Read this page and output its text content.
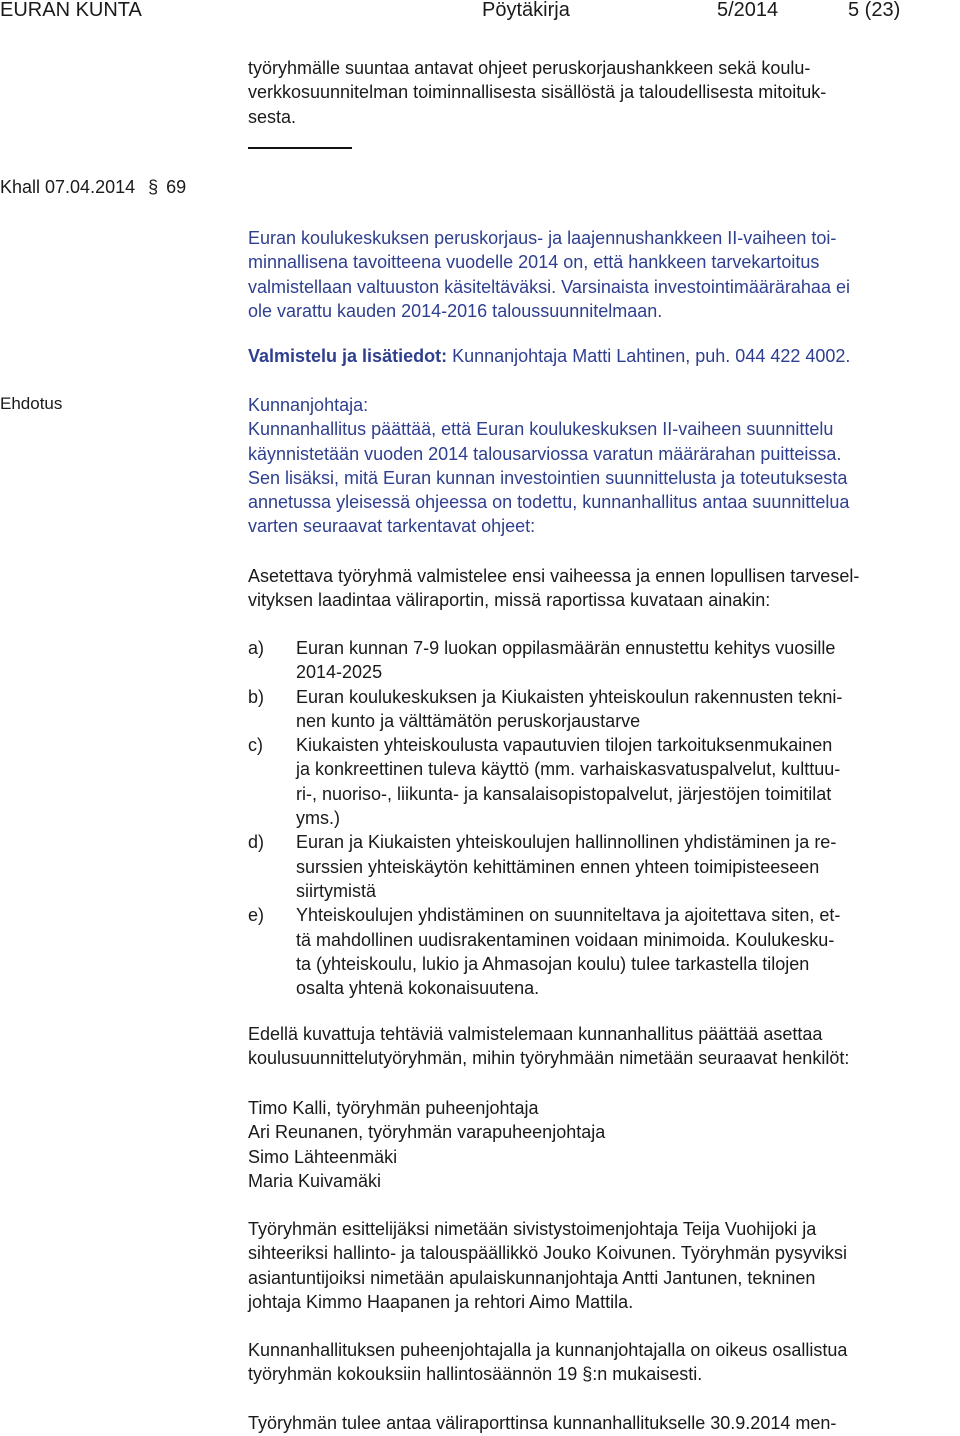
EURAN KUNTA	Pöytäkirja	5/2014	5 (23)
työryhmälle suuntaa antavat ohjeet peruskorjaushankkeen sekä koulu-
verkkosuunnitelman toiminnallisesta sisällöstä ja taloudellisesta mitoituk-
sesta.
Khall 07.04.2014 § 69
Euran koulukeskuksen peruskorjaus- ja laajennushankkeen II-vaiheen toi-
minnallisena tavoitteena vuodelle 2014 on, että hankkeen tarvekartoitus
valmistellaan valtuuston käsiteltäväksi. Varsinaista investointimäärärahaa ei
ole varattu kauden 2014-2016 taloussuunnitelmaan.
Valmistelu ja lisätiedot: Kunnanjohtaja Matti Lahtinen, puh. 044 422 4002.
Ehdotus	Kunnanjohtaja:
Kunnanhallitus päättää, että Euran koulukeskuksen II-vaiheen suunnittelu
käynnistetään vuoden 2014 talousarviossa varatun määrärahan puitteissa.
Sen lisäksi, mitä Euran kunnan investointien suunnittelusta ja toteutuksesta
annetussa yleisessä ohjeessa on todettu, kunnanhallitus antaa suunnittelua
varten seuraavat tarkentavat ohjeet:
Asetettava työryhmä valmistelee ensi vaiheessa ja ennen lopullisen tarvesel-
vityksen laadintaa väliraportin, missä raportissa kuvataan ainakin:
a) Euran kunnan 7-9 luokan oppilasmäärän ennustettu kehitys vuosille
2014-2025
b) Euran koulukeskuksen ja Kiukaisten yhteiskoulun rakennusten tekni-
nen kunto ja välttämätön peruskorjaustarve
c) Kiukaisten yhteiskoulusta vapautuvien tilojen tarkoituksenmukainen
ja konkreettinen tuleva käyttö (mm. varhaiskasvatuspalvelut, kulttuu-
ri-, nuoriso-, liikunta- ja kansalaisopistopalvelut, järjestöjen toimitilat
yms.)
d) Euran ja Kiukaisten yhteiskoulujen hallinnollinen yhdistäminen ja re-
surssien yhteiskäytön kehittäminen ennen yhteen toimipisteeseen
siirtymistä
e) Yhteiskoulujen yhdistäminen on suunniteltava ja ajoitettava siten, et-
tä mahdollinen uudisrakentaminen voidaan minimoida. Koulukesku-
ta (yhteiskoulu, lukio ja Ahmasojan koulu) tulee tarkastella tilojen
osalta yhtenä kokonaisuutena.
Edellä kuvattuja tehtäviä valmistelemaan kunnanhallitus päättää asettaa
koulusuunnittelutyöryhmän, mihin työryhmään nimetään seuraavat henkilöt:
Timo Kalli, työryhmän puheenjohtaja
Ari Reunanen, työryhmän varapuheenjohtaja
Simo Lähteenmäki
Maria Kuivamäki
Työryhmän esittelijäksi nimetään sivistystoimenjohtaja Teija Vuohijoki ja
sihteeriksi hallinto- ja talouspäällikkö Jouko Koivunen. Työryhmän pysyviksi
asiantuntijoiksi nimetään apulaiskunnanjohtaja Antti Jantunen, tekninen
johtaja Kimmo Haapanen ja rehtori Aimo Mattila.
Kunnanhallituksen puheenjohtajalla ja kunnanjohtajalla on oikeus osallistua
työryhmän kokouksiin hallintosäännön 19 §:n mukaisesti.
Työryhmän tulee antaa väliraporttinsa kunnanhallitukselle 30.9.2014 men-
